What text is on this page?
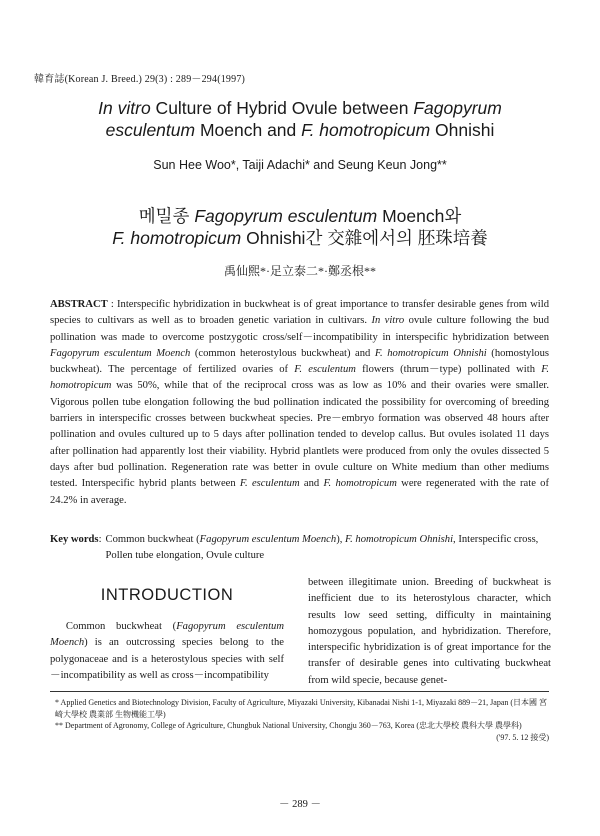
韓育誌(Korean J. Breed.) 29(3) : 289－294(1997)
In vitro Culture of Hybrid Ovule between Fagopyrum
esculentum Moench and F. homotropicum Ohnishi
Sun Hee Woo*, Taiji Adachi* and Seung Keun Jong**
메밀종 Fagopyrum esculentum Moench와
F. homotropicum Ohnishi간 交雜에서의 胚珠培養
禹仙熙*·足立泰二*·鄭丞根**
ABSTRACT : Interspecific hybridization in buckwheat is of great importance to transfer desirable genes from wild species to cultivars as well as to broaden genetic variation in cultivars. In vitro ovule culture following the bud pollination was made to overcome postzygotic cross/self－incompatibility in interspecific hybridization between Fagopyrum esculentum Moench (common heterostylous buckwheat) and F. homotropicum Ohnishi (homostylous buckwheat). The percentage of fertilized ovaries of F. esculentum flowers (thrum－type) pollinated with F. homotropicum was 50%, while that of the reciprocal cross was as low as 10% and their ovaries were smaller. Vigorous pollen tube elongation following the bud pollination indicated the possibility for overcoming of breeding barriers in interspecific crosses between buckwheat species. Pre－embryo formation was observed 48 hours after pollination and ovules cultured up to 5 days after pollination tended to develop callus. But ovules isolated 11 days after pollination had apparently lost their viability. Hybrid plantlets were produced from only the ovules dissected 5 days after bud pollination. Regeneration rate was better in ovule culture on White medium than other mediums tested. Interspecific hybrid plants between F. esculentum and F. homotropicum were regenerated with the rate of 24.2% in average.
Key words : Common buckwheat (Fagopyrum esculentum Moench), F. homotropicum Ohnishi, Interspecific cross, Pollen tube elongation, Ovule culture
INTRODUCTION

Common buckwheat (Fagopyrum esculentum Moench) is an outcrossing species belong to the polygonaceae and is a heterostylous species with self－incompatibility as well as cross－incompatibility

between illegitimate union. Breeding of buckwheat is inefficient due to its heterostylous character, which results low seed setting, difficulty in maintaining homozygous population, and hybridization. Therefore, interspecific hybridization is of great importance for the transfer of desirable genes into cultivating buckwheat from wild specie, because genet-

* Applied Genetics and Biotechnology Division, Faculty of Agriculture, Miyazaki University, Kibanadai Nishi 1-1, Miyazaki 889－21, Japan (日本國 宮崎大學校 農業部 生物機能工學)

** Department of Agronomy, College of Agriculture, Chungbuk National University, Chongju 360－763, Korea (忠北大學校 農科大學 農學科)

('97. 5. 12 接受)

－ 289 －
